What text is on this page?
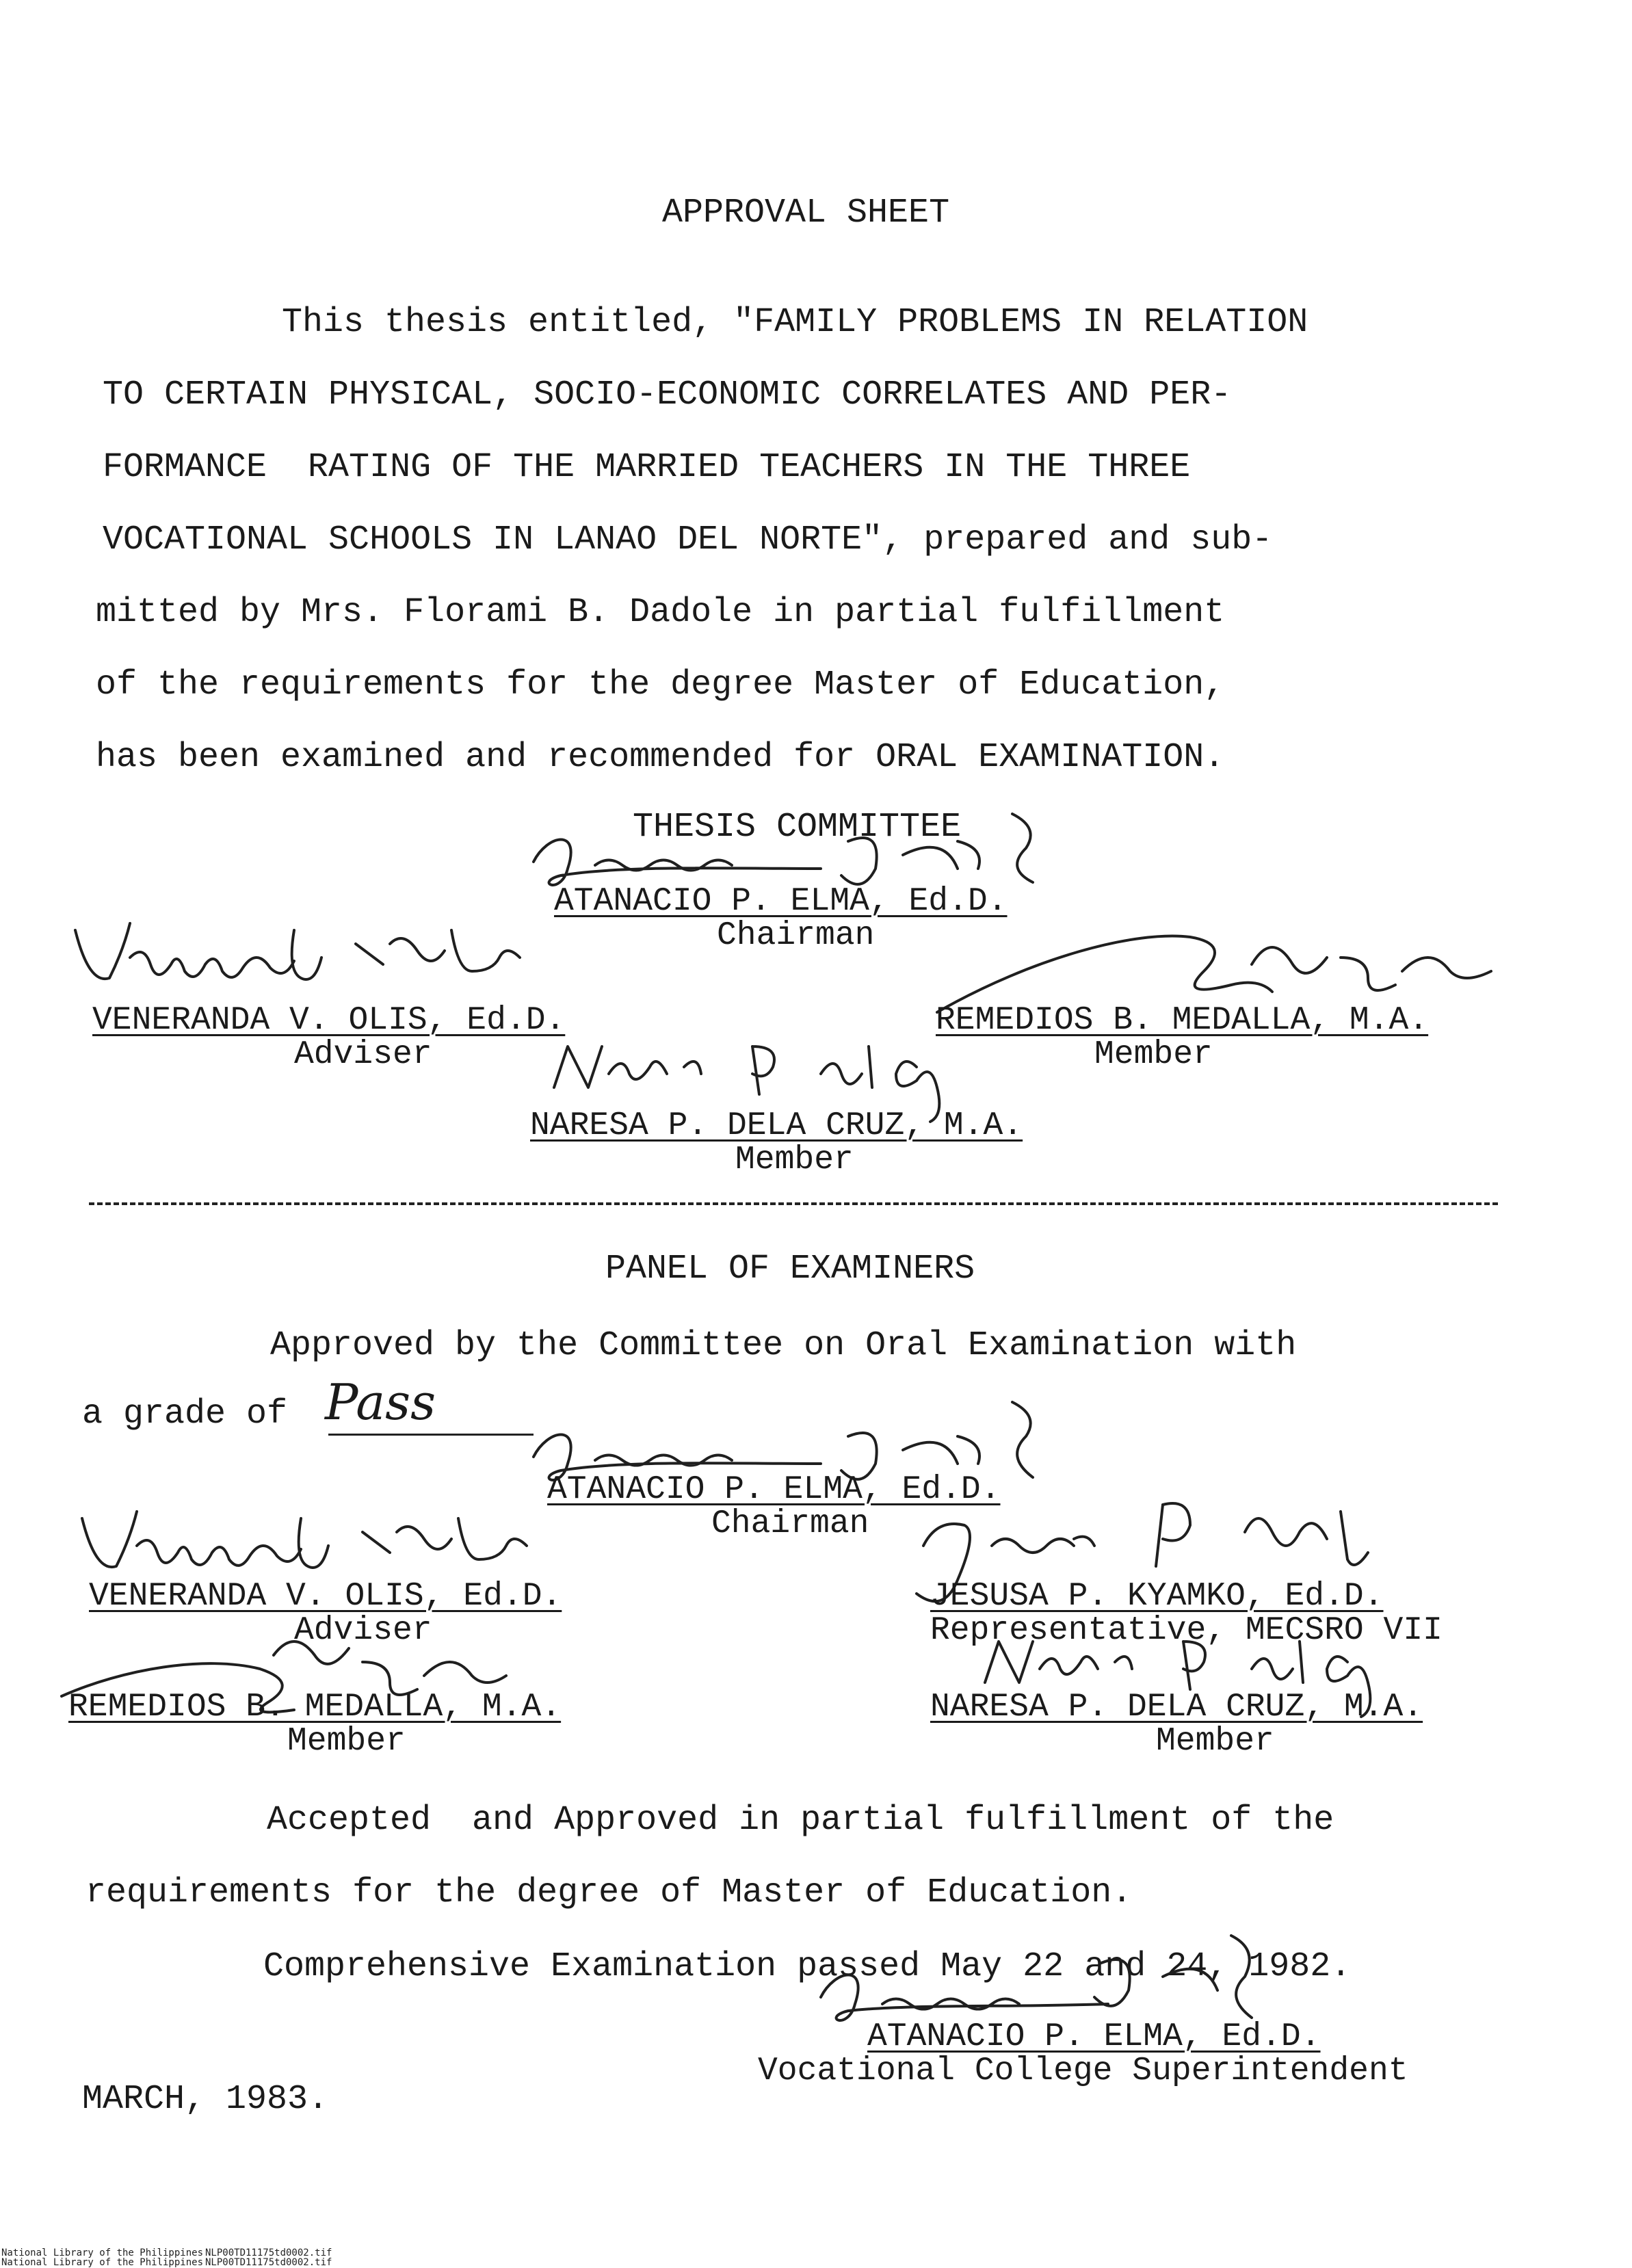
APPROVAL SHEET
This thesis entitled, "FAMILY PROBLEMS IN RELATION
TO CERTAIN PHYSICAL, SOCIO-ECONOMIC CORRELATES AND PER-
FORMANCE  RATING OF THE MARRIED TEACHERS IN THE THREE
VOCATIONAL SCHOOLS IN LANAO DEL NORTE", prepared and sub-
mitted by Mrs. Florami B. Dadole in partial fulfillment
of the requirements for the degree Master of Education,
has been examined and recommended for ORAL EXAMINATION.
THESIS COMMITTEE
ATANACIO P. ELMA, Ed.D.
Chairman
VENERANDA V. OLIS, Ed.D.
Adviser
REMEDIOS B. MEDALLA, M.A.
Member
NARESA P. DELA CRUZ, M.A.
Member
PANEL OF EXAMINERS
Approved by the Committee on Oral Examination with
a grade of Pass
ATANACIO P. ELMA, Ed.D.
Chairman
VENERANDA V. OLIS, Ed.D.
Adviser
JESUSA P. KYAMKO, Ed.D.
Representative, MECSRO VII
REMEDIOS B. MEDALLA, M.A.
Member
NARESA P. DELA CRUZ, M.A.
Member
Accepted  and Approved in partial fulfillment of the
requirements for the degree of Master of Education.
Comprehensive Examination passed May 22 and 24, 1982.
ATANACIO P. ELMA, Ed.D.
Vocational College Superintendent
MARCH, 1983.
National Library of the Philippines NLP00TD11175td0002.tif
National Library of the Philippines NLP00TD11175td0002.tif
